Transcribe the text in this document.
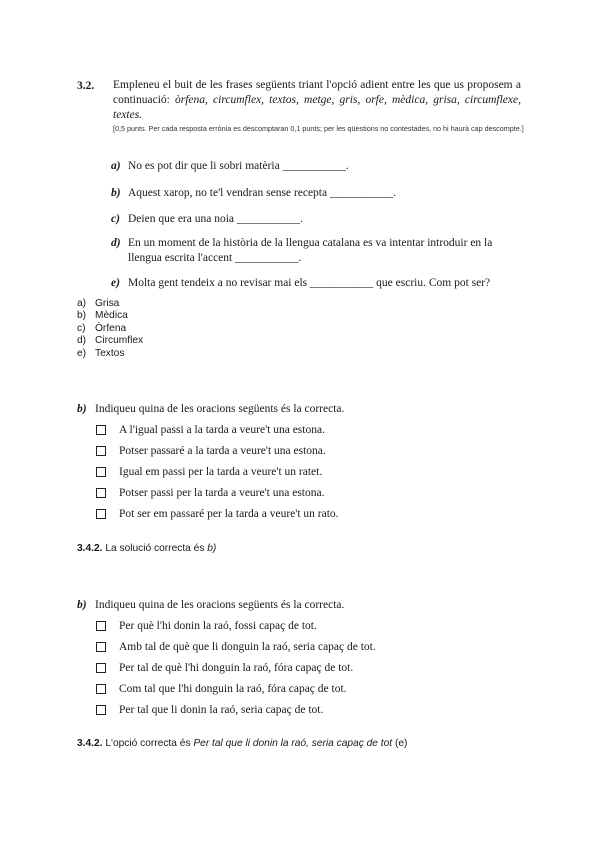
3.2. Empleneu el buit de les frases següents triant l'opció adient entre les que us proposem a continuació: òrfena, circumflex, textos, metge, gris, orfe, mèdica, grisa, circumflexe, textes.
[0,5 punts. Per cada resposta errònia es descomptaran 0,1 punts; per les qüestions no contestades, no hi haurà cap descompte.]
a) No es pot dir que li sobri matèria ___________.
b) Aquest xarop, no te'l vendran sense recepta ___________.
c) Deien que era una noia ___________.
d) En un moment de la història de la llengua catalana es va intentar introduir en la llengua escrita l'accent ___________.
e) Molta gent tendeix a no revisar mai els ___________ que escriu. Com pot ser?
a) Grisa
b) Mèdica
c) Òrfena
d) Circumflex
e) Textos
b) Indiqueu quina de les oracions següents és la correcta.
A l'igual passi a la tarda a veure't una estona.
Potser passaré a la tarda a veure't una estona.
Igual em passi per la tarda a veure't un ratet.
Potser passi per la tarda a veure't una estona.
Pot ser em passaré per la tarda a veure't un rato.
3.4.2. La solució correcta és b)
b) Indiqueu quina de les oracions següents és la correcta.
Per què l'hi donin la raó, fossi capaç de tot.
Amb tal de què que li donguin la raó, seria capaç de tot.
Per tal de què l'hi donguin la raó, fóra capaç de tot.
Com tal que l'hi donguin la raó, fóra capaç de tot.
Per tal que li donin la raó, seria capaç de tot.
3.4.2. L'opció correcta és Per tal que li donin la raó, seria capaç de tot (e)
